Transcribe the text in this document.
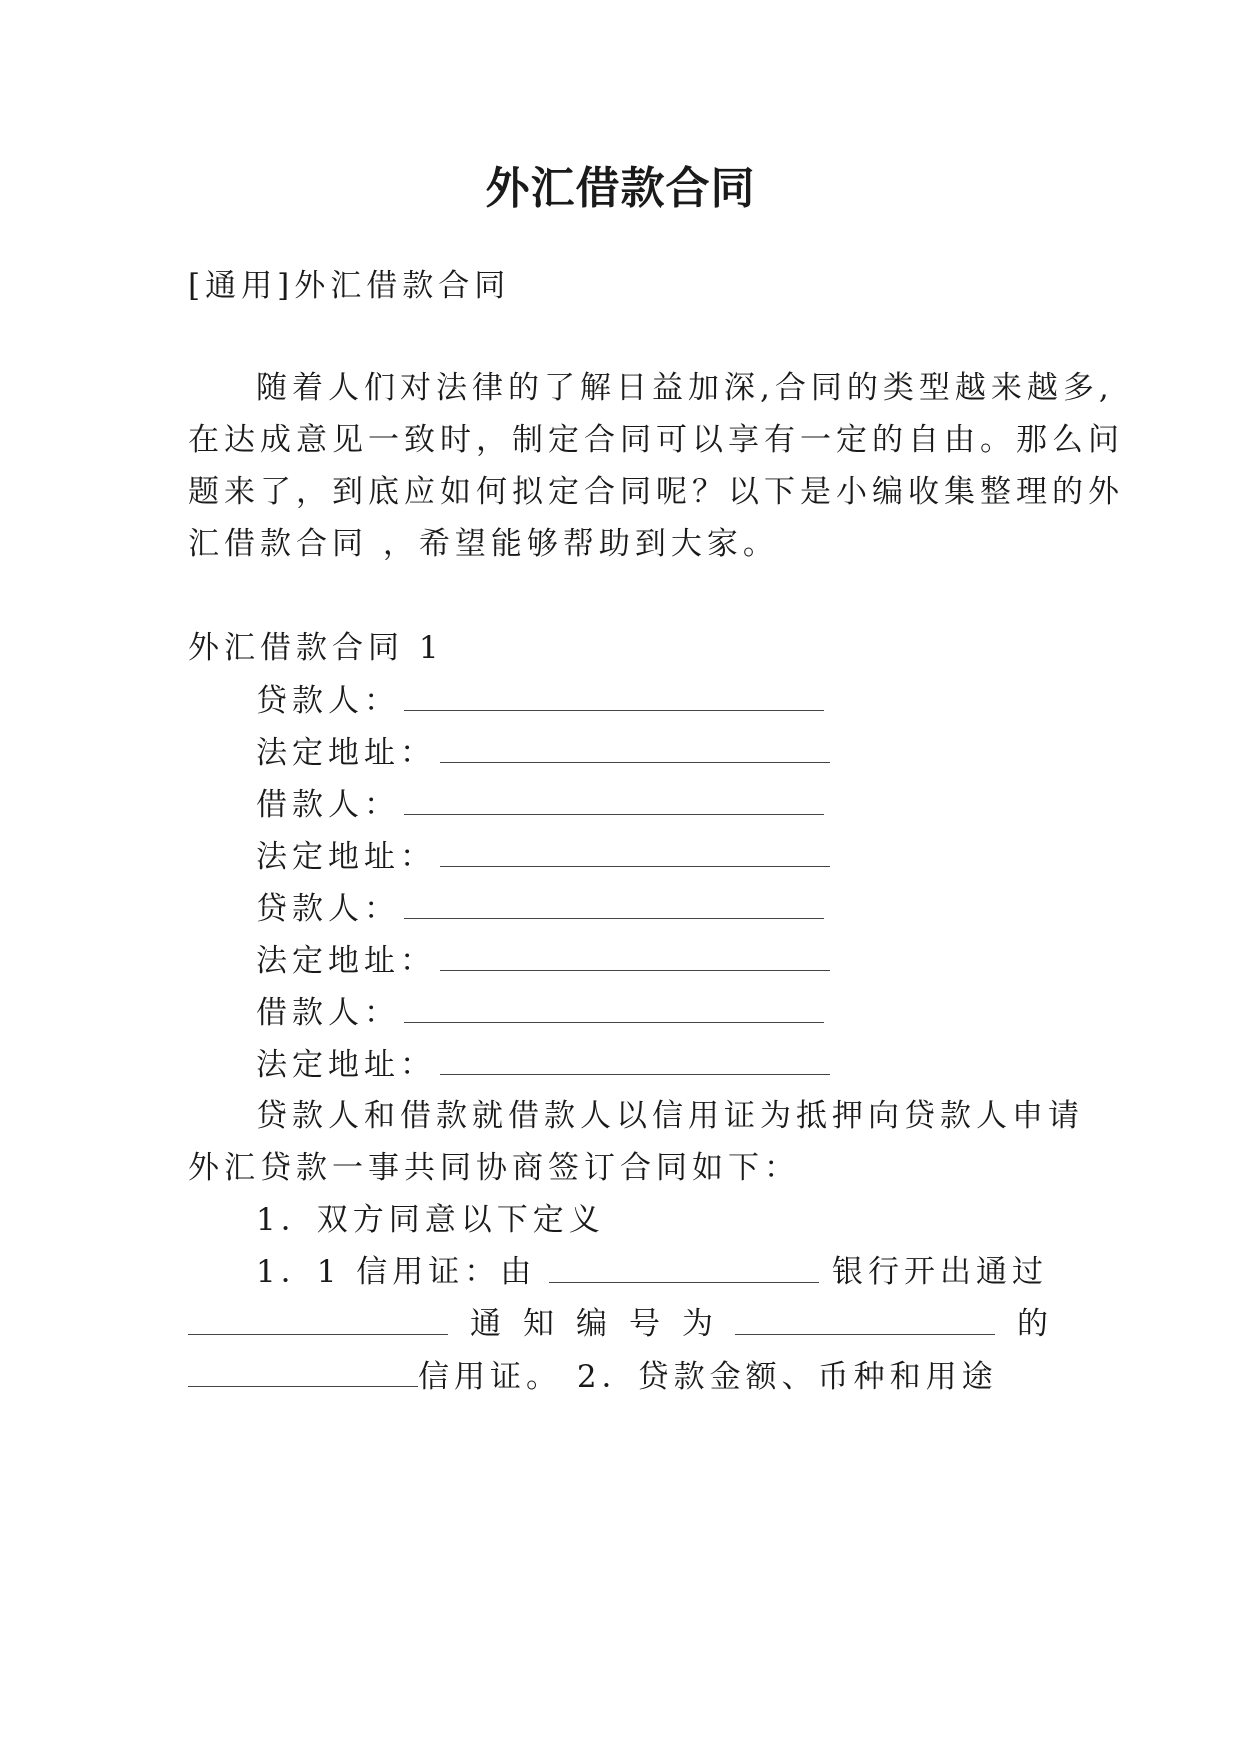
外汇借款合同
[通用]外汇借款合同
随着人们对法律的了解日益加深,合同的类型越来越多,
在达成意见一致时，制定合同可以享有一定的自由。那么问
题来了，到底应如何拟定合同呢？以下是小编收集整理的外
汇借款合同 ，希望能够帮助到大家。
外汇借款合同 1
贷款人：
法定地址：
借款人：
法定地址：
贷款人：
法定地址：
借款人：
法定地址：
贷款人和借款就借款人以信用证为抵押向贷款人申请
外汇贷款一事共同协商签订合同如下：
1．双方同意以下定义
1．1 信用证：由	银行开出通过
通 知 编 号 为	的
信用证。 2．贷款金额、币种和用途
